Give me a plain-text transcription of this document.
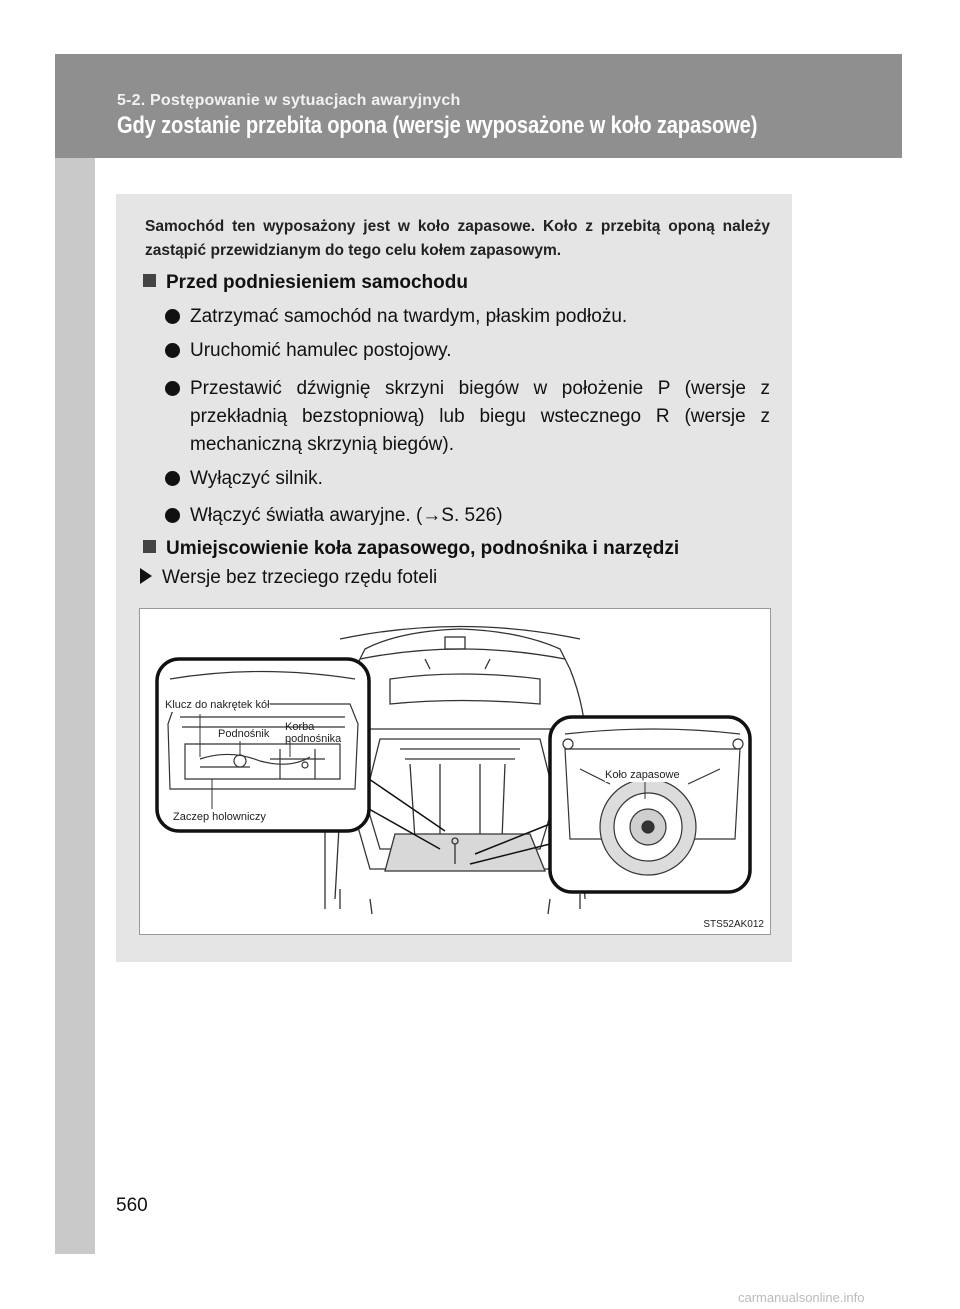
5-2. Postępowanie w sytuacjach awaryjnych
Gdy zostanie przebita opona (wersje wyposażone w koło zapasowe)
Samochód ten wyposażony jest w koło zapasowe. Koło z przebitą oponą należy zastąpić przewidzianym do tego celu kołem zapasowym.
Przed podniesieniem samochodu
Zatrzymać samochód na twardym, płaskim podłożu.
Uruchomić hamulec postojowy.
Przestawić dźwignię skrzyni biegów w położenie P (wersje z przekładnią bezstopniową) lub biegu wstecznego R (wersje z mechaniczną skrzynią biegów).
Wyłączyć silnik.
Włączyć światła awaryjne. (→S. 526)
Umiejscowienie koła zapasowego, podnośnika i narzędzi
Wersje bez trzeciego rzędu foteli
Klucz do nakrętek kół
Podnośnik
Korba podnośnika
Zaczep holowniczy
Koło zapasowe
STS52AK012
560
carmanualsonline.info
